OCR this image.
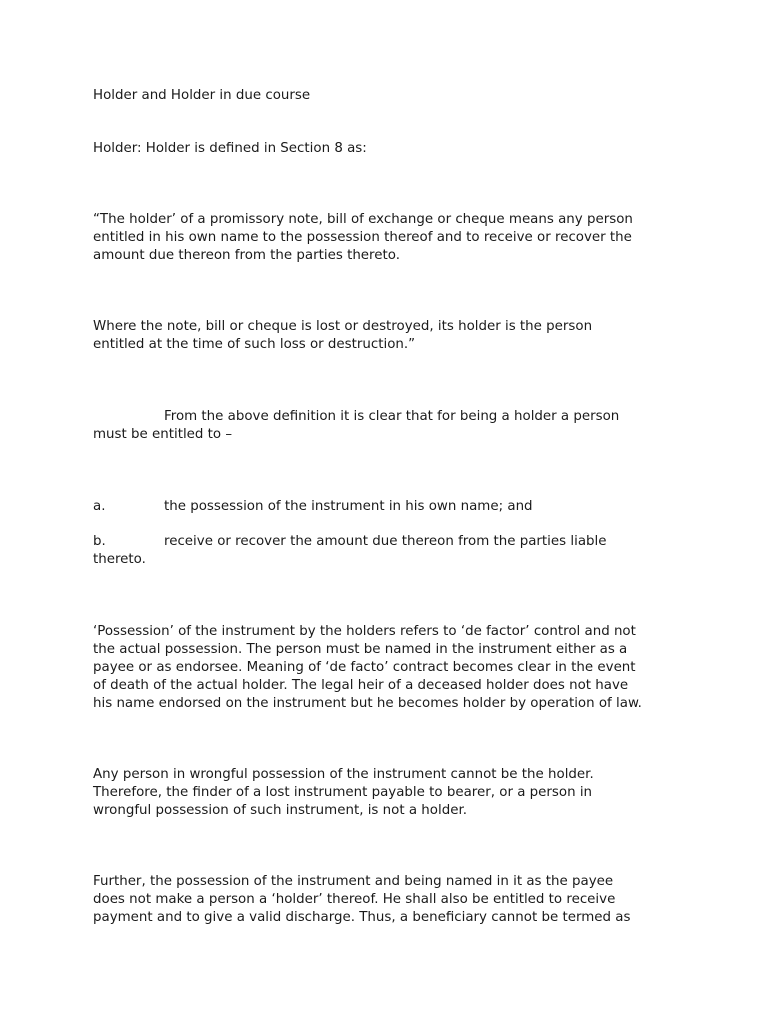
Holder and Holder in due course

Holder: Holder is defined in Section 8 as:

“The holder’ of a promissory note, bill of exchange or cheque means any person
entitled in his own name to the possession thereof and to receive or recover the
amount due thereon from the parties thereto.

Where the note, bill or cheque is lost or destroyed, its holder is the person
entitled at the time of such loss or destruction.”

From the above definition it is clear that for being a holder a person
must be entitled to –

a.	the possession of the instrument in his own name; and
b.	receive or recover the amount due thereon from the parties liable
thereto.

‘Possession’ of the instrument by the holders refers to ‘de factor’ control and not
the actual possession. The person must be named in the instrument either as a
payee or as endorsee. Meaning of ‘de facto’ contract becomes clear in the event
of death of the actual holder. The legal heir of a deceased holder does not have
his name endorsed on the instrument but he becomes holder by operation of law.

Any person in wrongful possession of the instrument cannot be the holder.
Therefore, the finder of a lost instrument payable to bearer, or a person in
wrongful possession of such instrument, is not a holder.

Further, the possession of the instrument and being named in it as the payee
does not make a person a ‘holder’ thereof. He shall also be entitled to receive
payment and to give a valid discharge. Thus, a beneficiary cannot be termed as
